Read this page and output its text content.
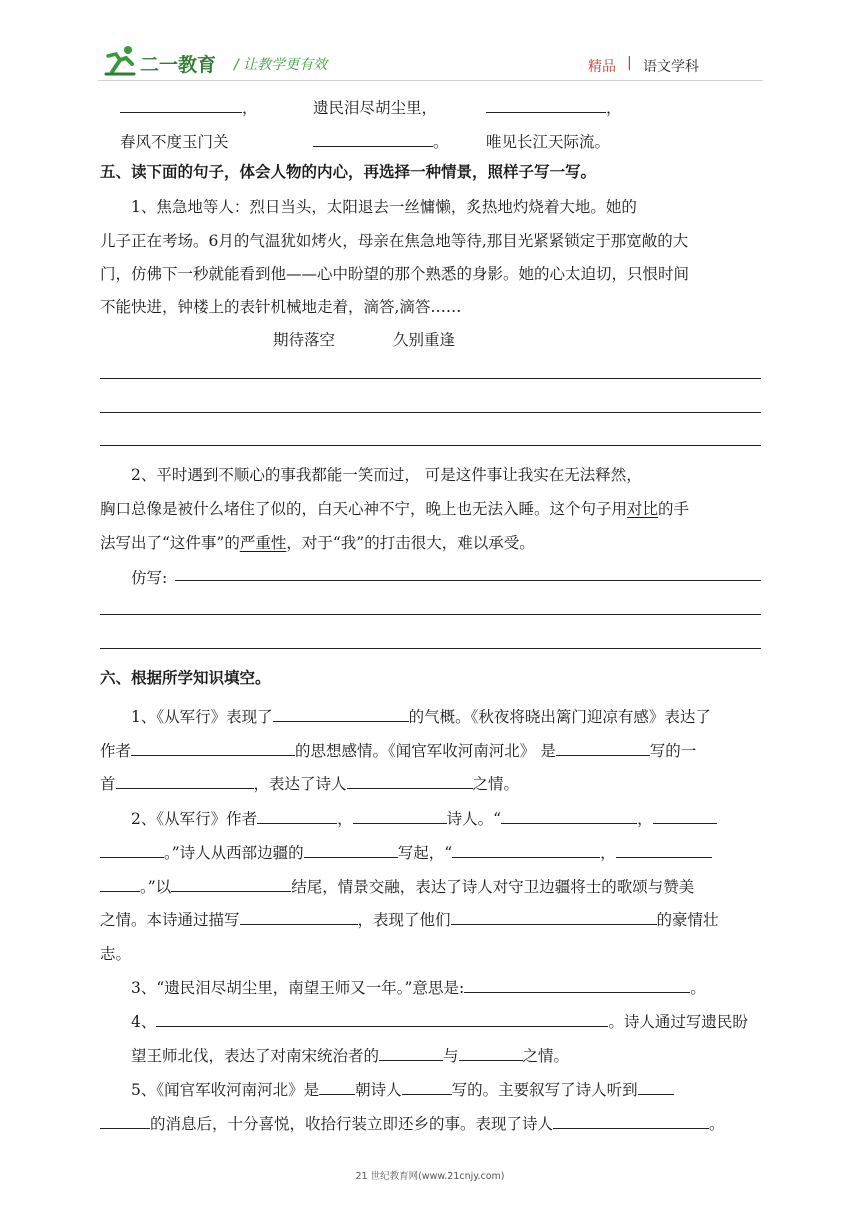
二一教育 / 让教学更有效	精品 | 语文学科
，	遗民泪尽胡尘里，	，
春风不度玉门关	。 唯见长江天际流。
五、读下面的句子，体会人物的内心，再选择一种情景，照样子写一写。
1、焦急地等人：烈日当头，太阳退去一丝慵懒，炙热地灼烧着大地。她的
儿子正在考场。6月的气温犹如烤火，母亲在焦急地等待,那目光紧紧锁定于那宽敞的大
门，仿佛下一秒就能看到他——心中盼望的那个熟悉的身影。她的心太迫切，只恨时间
不能快进，钟楼上的表针机械地走着，滴答,滴答……
期待落空	久别重逢
2、平时遇到不顺心的事我都能一笑而过， 可是这件事让我实在无法释然，
胸口总像是被什么堵住了似的，白天心神不宁，晚上也无法入睡。这个句子用对比的手
法写出了“这件事”的严重性，对于“我”的打击很大，难以承受。
仿写:
六、根据所学知识填空。
1、《从军行》表现了	的气概。《秋夜将晓出篱门迎凉有感》表达了
作者	的思想感情。《闻官军收河南河北》 是	写的一
首	，表达了诗人	之情。
2、《从军行》作者	，	诗人。“	，
。”诗人从西部边疆的	写起，“	，
。”以	结尾，情景交融，表达了诗人对守卫边疆将士的歌颂与赞美
之情。本诗通过描写	，表现了他们	的豪情壮
志。
3、“遗民泪尽胡尘里，南望王师又一年。”意思是:	。
4、	。诗人通过写遗民盼
望王师北伐，表达了对南宋统治者的	与	之情。
5、《闻官军收河南河北》是 朝诗人	写的。主要叙写了诗人听到
的消息后，十分喜悦，收拾行装立即还乡的事。表现了诗人	。
21 世纪教育网(www.21cnjy.com)
